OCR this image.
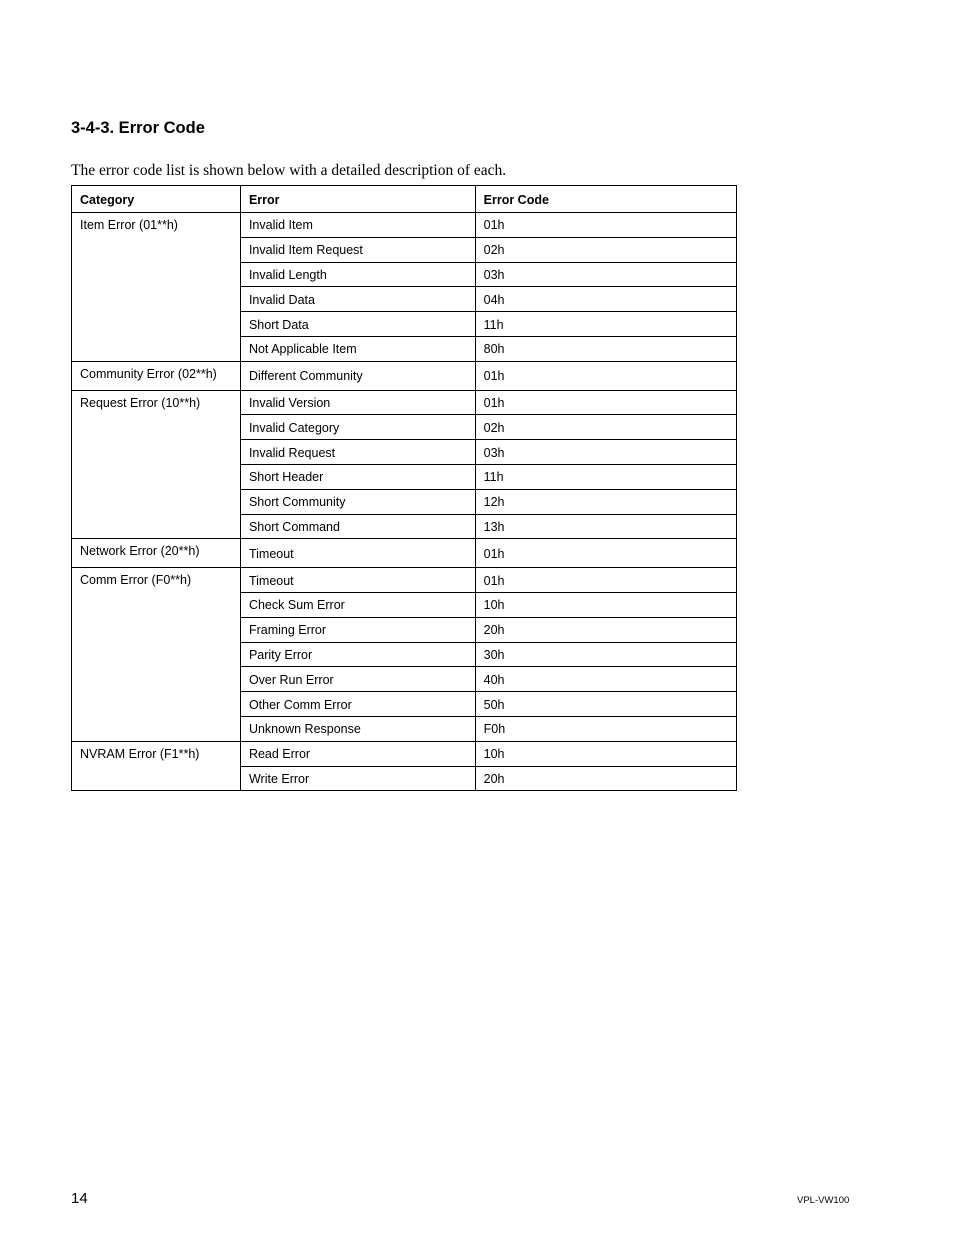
3-4-3. Error Code

The error code list is shown below with a detailed description of each.

Category	Error	Error Code
Item Error (01**h)	Invalid Item	01h
	Invalid Item Request	02h
	Invalid Length	03h
	Invalid Data	04h
	Short Data	11h
	Not Applicable Item	80h
Community Error (02**h)	Different Community	01h
Request Error (10**h)	Invalid Version	01h
	Invalid Category	02h
	Invalid Request	03h
	Short Header	11h
	Short Community	12h
	Short Command	13h
Network Error (20**h)	Timeout	01h
Comm Error (F0**h)	Timeout	01h
	Check Sum Error	10h
	Framing Error	20h
	Parity Error	30h
	Over Run Error	40h
	Other Comm Error	50h
	Unknown Response	F0h
NVRAM Error (F1**h)	Read Error	10h
	Write Error	20h
14	VPL-VW100
